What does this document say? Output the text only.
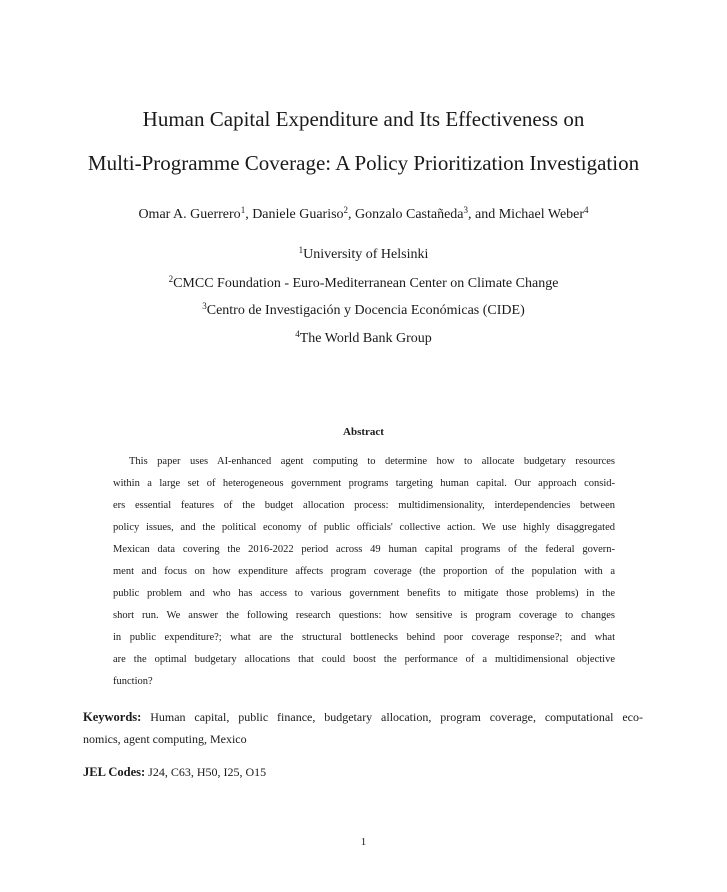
Human Capital Expenditure and Its Effectiveness on
Multi-Programme Coverage: A Policy Prioritization Investigation
Omar A. Guerrero$^1$, Daniele Guariso$^2$, Gonzalo Castañeda$^3$, and Michael Weber$^4$
$^1$University of Helsinki
$^2$CMCC Foundation - Euro-Mediterranean Center on Climate Change
$^3$Centro de Investigación y Docencia Económicas (CIDE)
$^4$The World Bank Group
Abstract
This paper uses AI-enhanced agent computing to determine how to allocate budgetary resources
within a large set of heterogeneous government programs targeting human capital. Our approach consid-
ers essential features of the budget allocation process: multidimensionality, interdependencies between
policy issues, and the political economy of public officials' collective action. We use highly disaggregated
Mexican data covering the 2016-2022 period across 49 human capital programs of the federal govern-
ment and focus on how expenditure affects program coverage (the proportion of the population with a
public problem and who has access to various government benefits to mitigate those problems) in the
short run. We answer the following research questions: how sensitive is program coverage to changes
in public expenditure?; what are the structural bottlenecks behind poor coverage response?; and what
are the optimal budgetary allocations that could boost the performance of a multidimensional objective
function?
Keywords: Human capital, public finance, budgetary allocation, program coverage, computational eco-
nomics, agent computing, Mexico
JEL Codes: J24, C63, H50, I25, O15
1
